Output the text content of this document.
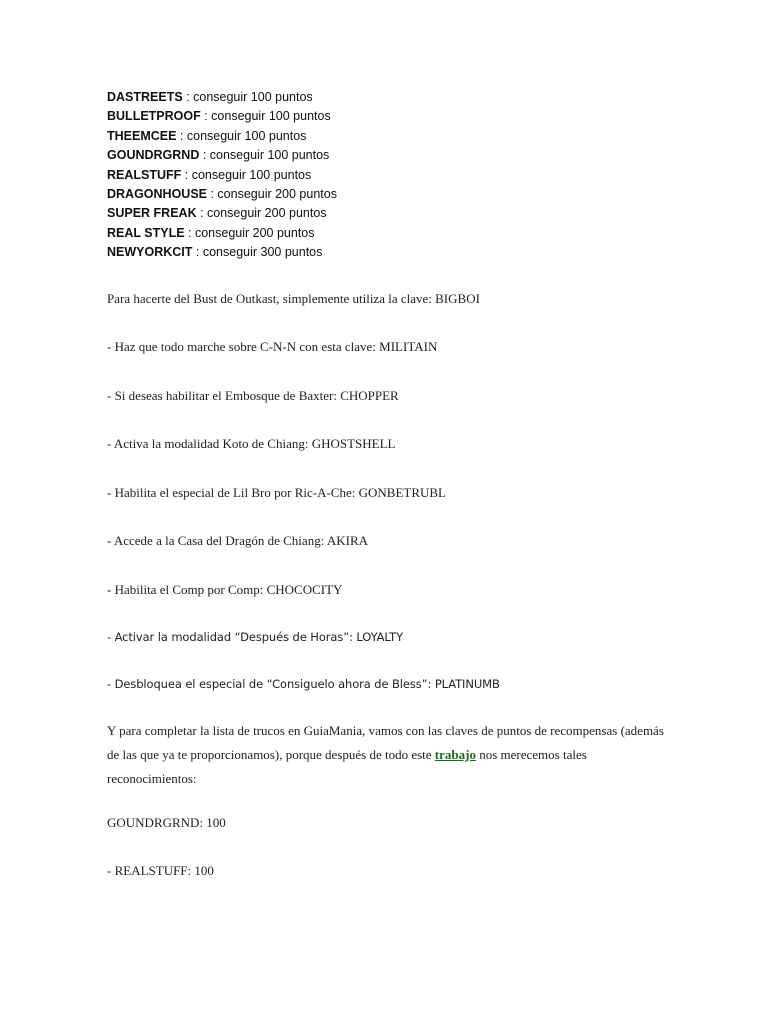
DASTREETS : conseguir 100 puntos
BULLETPROOF : conseguir 100 puntos
THEEMCEE : conseguir 100 puntos
GOUNDRGRND : conseguir 100 puntos
REALSTUFF : conseguir 100 puntos
DRAGONHOUSE : conseguir 200 puntos
SUPER FREAK : conseguir 200 puntos
REAL STYLE : conseguir 200 puntos
NEWYORKCIT : conseguir 300 puntos

Para hacerte del Bust de Outkast, simplemente utiliza la clave: BIGBOI

- Haz que todo marche sobre C-N-N con esta clave: MILITAIN

- Si deseas habilitar el Embosque de Baxter: CHOPPER

- Activa la modalidad Koto de Chiang: GHOSTSHELL

- Habilita el especial de Lil Bro por Ric-A-Che: GONBETRUBL

- Accede a la Casa del Dragón de Chiang: AKIRA

- Habilita el Comp por Comp: CHOCOCITY

- Activar la modalidad “Después de Horas”: LOYALTY

- Desbloquea el especial de “Consiguelo ahora de Bless”: PLATINUMB

Y para completar la lista de trucos en GuiaMania, vamos con las claves de puntos de recompensas (además de las que ya te proporcionamos), porque después de todo este trabajo nos merecemos tales reconocimientos:

GOUNDRGRND: 100

- REALSTUFF: 100
